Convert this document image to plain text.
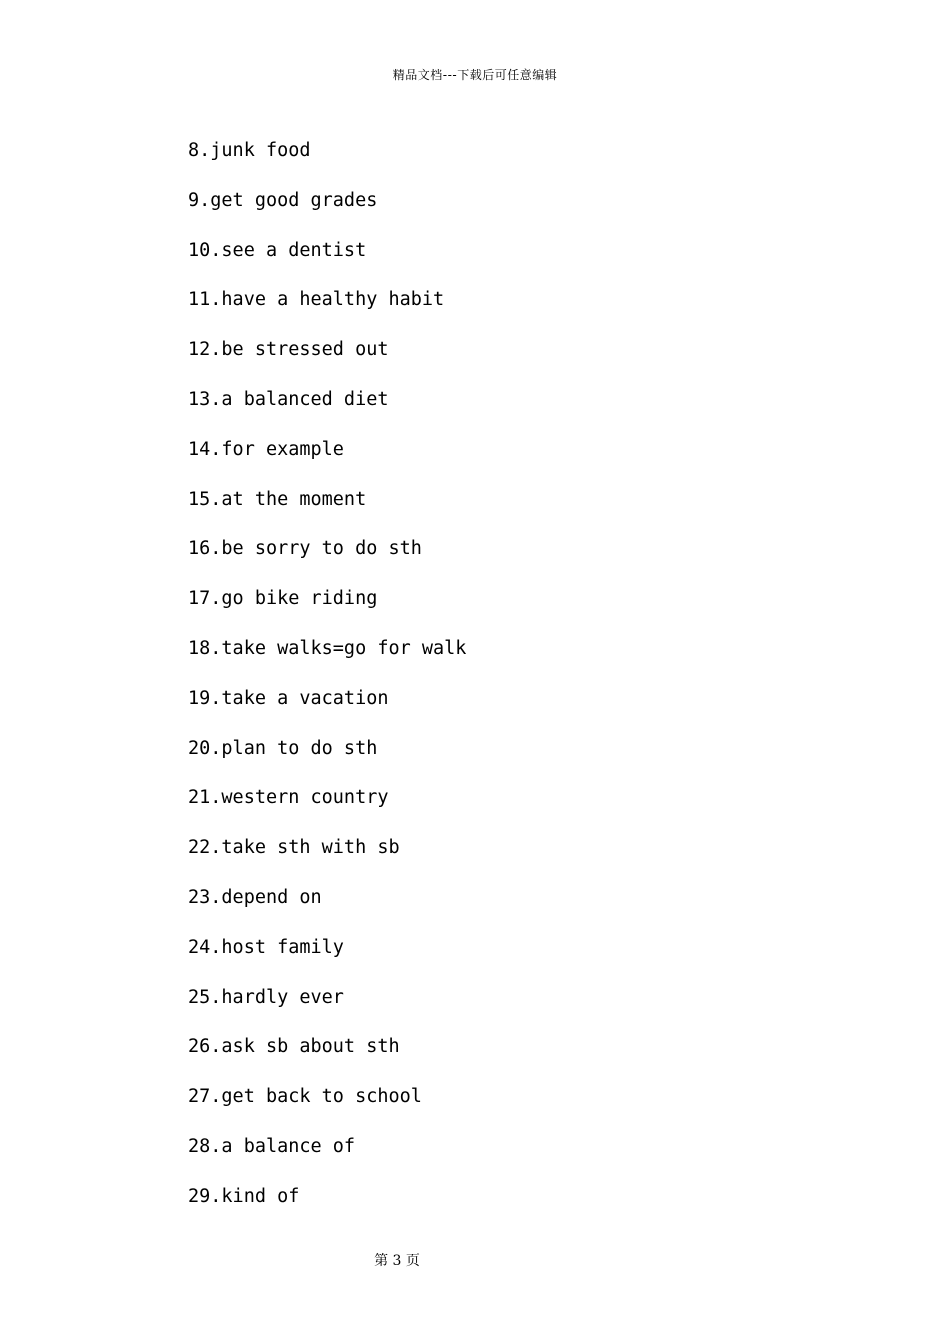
精品文档---下载后可任意编辑
8.junk food
9.get good grades
10.see a dentist
11.have a healthy habit
12.be stressed out
13.a balanced diet
14.for example
15.at the moment
16.be sorry to do sth
17.go bike riding
18.take walks=go for walk
19.take a vacation
20.plan to do sth
21.western country
22.take sth with sb
23.depend on
24.host family
25.hardly ever
26.ask sb about sth
27.get back to school
28.a balance of
29.kind of
第 3 页
